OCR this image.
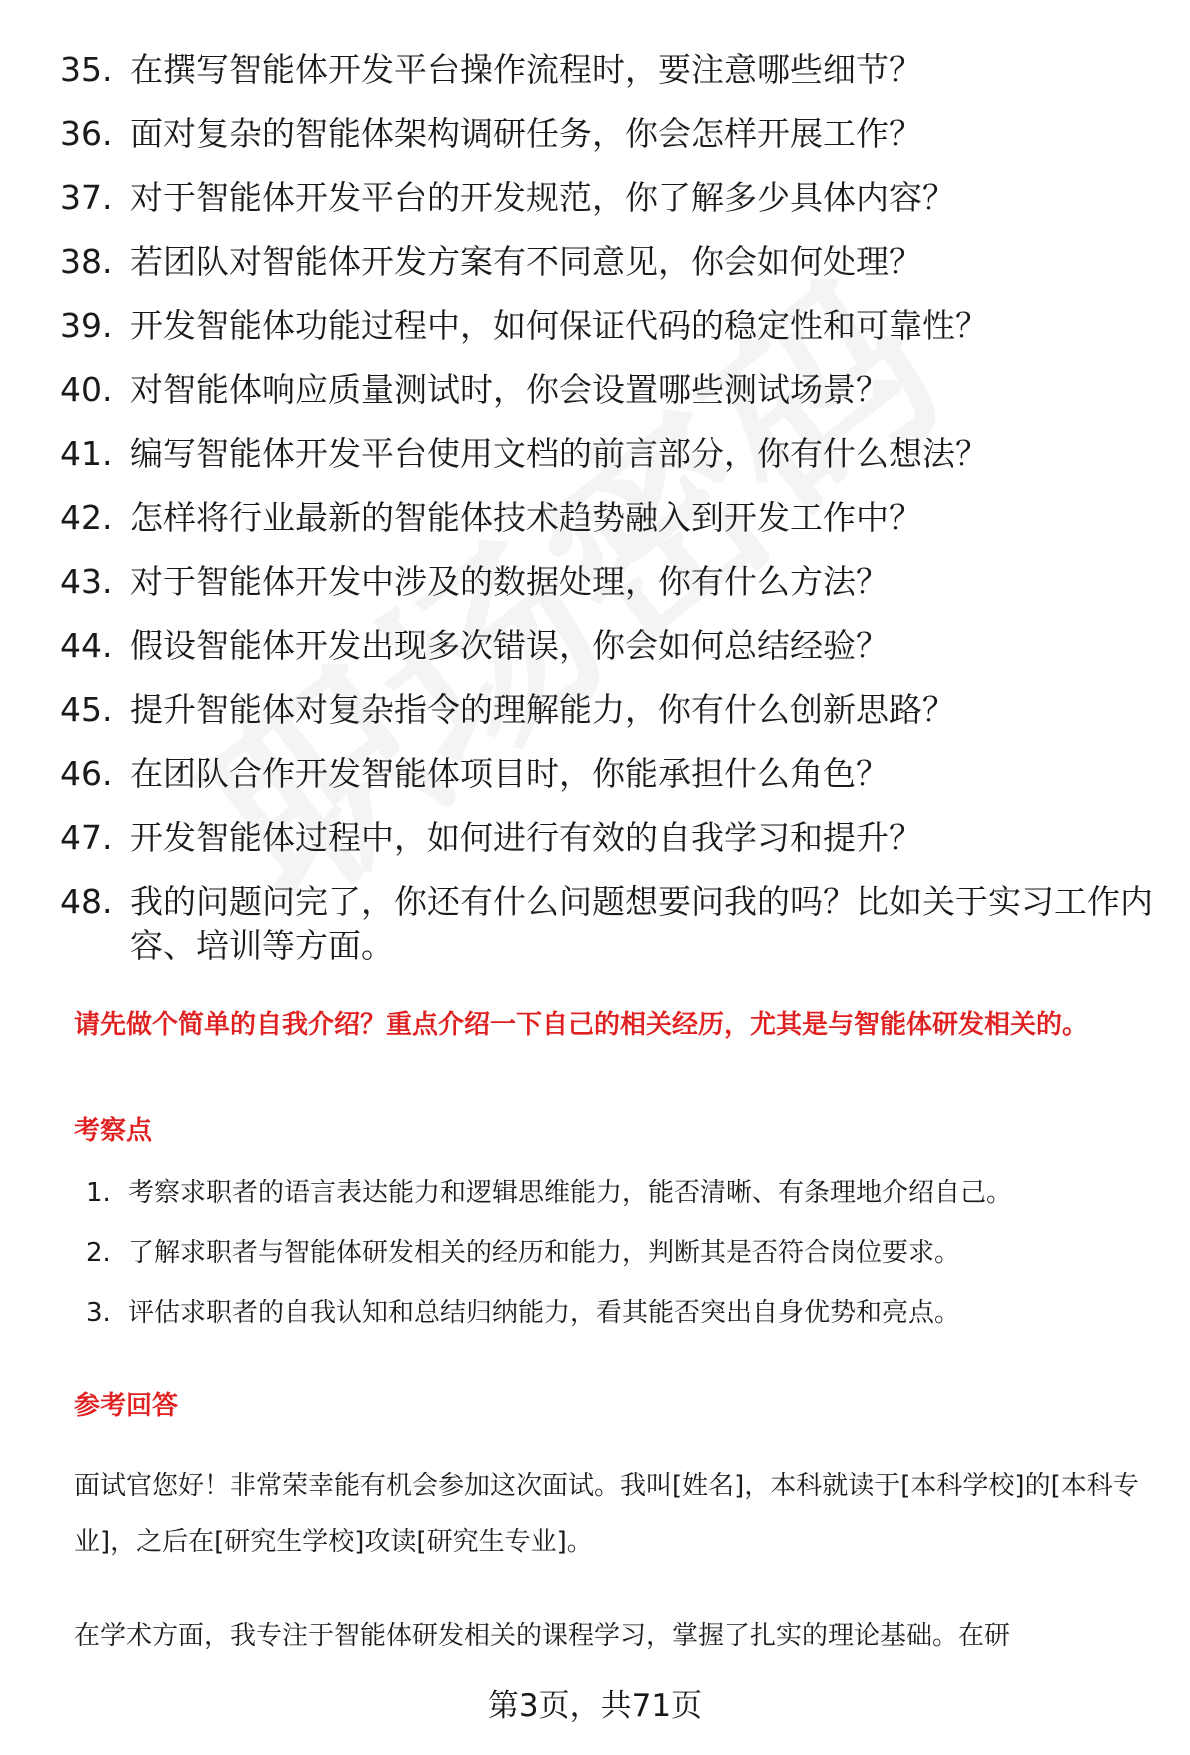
35. 在撰写智能体开发平台操作流程时，要注意哪些细节？
36. 面对复杂的智能体架构调研任务，你会怎样开展工作？
37. 对于智能体开发平台的开发规范，你了解多少具体内容？
38. 若团队对智能体开发方案有不同意见，你会如何处理？
39. 开发智能体功能过程中，如何保证代码的稳定性和可靠性？
40. 对智能体响应质量测试时，你会设置哪些测试场景？
41. 编写智能体开发平台使用文档的前言部分，你有什么想法？
42. 怎样将行业最新的智能体技术趋势融入到开发工作中？
43. 对于智能体开发中涉及的数据处理，你有什么方法？
44. 假设智能体开发出现多次错误，你会如何总结经验？
45. 提升智能体对复杂指令的理解能力，你有什么创新思路？
46. 在团队合作开发智能体项目时，你能承担什么角色？
47. 开发智能体过程中，如何进行有效的自我学习和提升？
48. 我的问题问完了，你还有什么问题想要问我的吗？比如关于实习工作内容、培训等方面。

请先做个简单的自我介绍？重点介绍一下自己的相关经历，尤其是与智能体研发相关的。

考察点

1. 考察求职者的语言表达能力和逻辑思维能力，能否清晰、有条理地介绍自己。
2. 了解求职者与智能体研发相关的经历和能力，判断其是否符合岗位要求。
3. 评估求职者的自我认知和总结归纳能力，看其能否突出自身优势和亮点。

参考回答

面试官您好！非常荣幸能有机会参加这次面试。我叫[姓名]，本科就读于[本科学校]的[本科专业]，之后在[研究生学校]攻读[研究生专业]。

在学术方面，我专注于智能体研发相关的课程学习，掌握了扎实的理论基础。在研

第3页，共71页
